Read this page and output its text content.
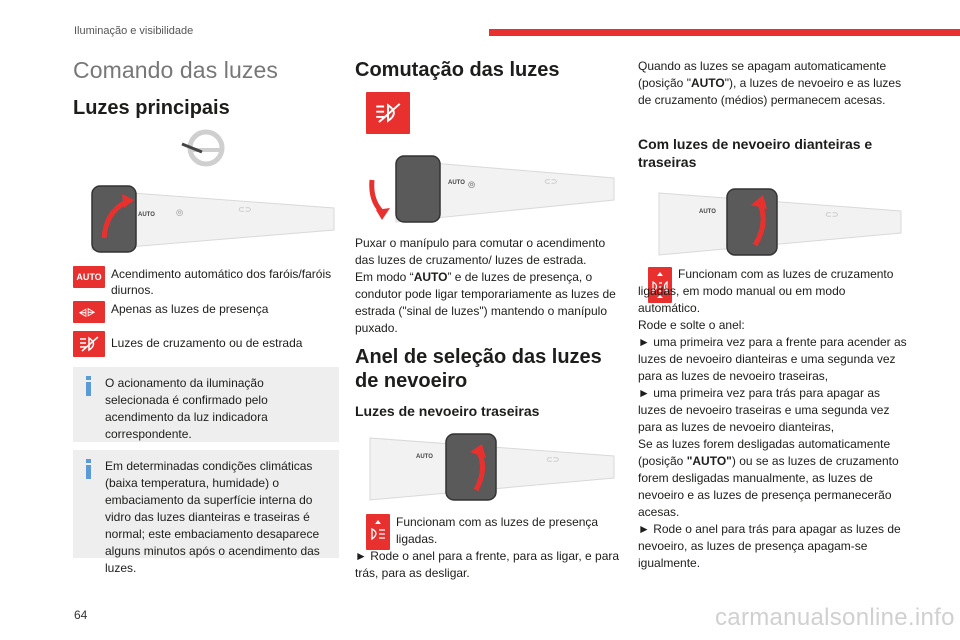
Iluminação e visibilidade
Comando das luzes
Luzes principais
AUTO ⦾	⊂⊃
AUTO Acendimento automático dos faróis/faróis diurnos.
⩤⩥ Apenas as luzes de presença
Luzes de cruzamento ou de estrada
O acionamento da iluminação selecionada é confirmado pelo acendimento da luz indicadora correspondente.
Em determinadas condições climáticas (baixa temperatura, humidade) o embaciamento da superfície interna do vidro das luzes dianteiras e traseiras é normal; este embaciamento desaparece alguns minutos após o acendimento das luzes.
Comutação das luzes
AUTO ⦾	⊂⊃
Puxar o manípulo para comutar o acendimento das luzes de cruzamento/ luzes de estrada.
Em modo “AUTO” e de luzes de presença, o condutor pode ligar temporariamente as luzes de estrada ("sinal de luzes") mantendo o manípulo puxado.
Anel de seleção das luzes de nevoeiro
Luzes de nevoeiro traseiras
AUTO	⊂⊃
Funcionam com as luzes de presença ligadas.
► Rode o anel para a frente, para as ligar, e para trás, para as desligar.
Quando as luzes se apagam automaticamente (posição "AUTO"), a luzes de nevoeiro e as luzes de cruzamento (médios) permanecem acesas.
Com luzes de nevoeiro dianteiras e traseiras
AUTO	⊂⊃
Funcionam com as luzes de cruzamento ligadas, em modo manual ou em modo automático.
Rode e solte o anel:
► uma primeira vez para a frente para acender as luzes de nevoeiro dianteiras e uma segunda vez para as luzes de nevoeiro traseiras,
► uma primeira vez para trás para apagar as luzes de nevoeiro traseiras e uma segunda vez para as luzes de nevoeiro dianteiras,
Se as luzes forem desligadas automaticamente (posição "AUTO") ou se as luzes de cruzamento forem desligadas manualmente, as luzes de nevoeiro e as luzes de presença permanecerão acesas.
► Rode o anel para trás para apagar as luzes de nevoeiro, as luzes de presença apagam-se igualmente.
64	carmanualsonline.info
